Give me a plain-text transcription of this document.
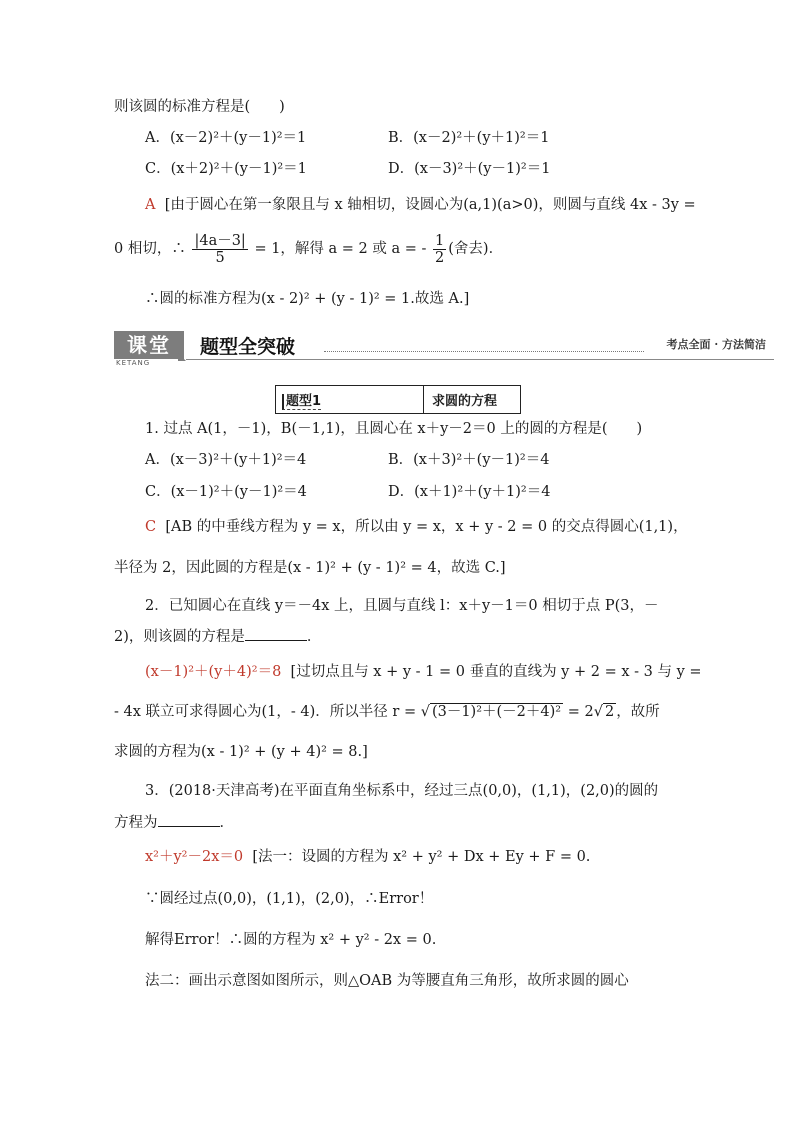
则该圆的标准方程是(　　)
A．(x－2)²＋(y－1)²＝1	B．(x－2)²＋(y＋1)²＝1
C．(x＋2)²＋(y－1)²＝1	D．(x－3)²＋(y－1)²＝1
A [由于圆心在第一象限且与 x 轴相切，设圆心为(a,1)(a>0)，则圆与直线 4x - 3y =
0 相切，∴ $\frac{|4a-3|}{5} = 1$，解得 a = 2 或 a = - $\frac{1}{2}$ (舍去)．
∴圆的标准方程为(x - 2)² + (y - 1)² = 1.故选 A.]
课堂
KETANG
题型全突破	考点全面 · 方法简洁
题型1	求圆的方程
1. 过点 A(1，－1)，B(－1,1)，且圆心在 x＋y－2＝0 上的圆的方程是(　　)
A．(x－3)²＋(y＋1)²＝4	B．(x＋3)²＋(y－1)²＝4
C．(x－1)²＋(y－1)²＝4	D．(x＋1)²＋(y＋1)²＝4
C [AB 的中垂线方程为 y = x，所以由 y = x，x + y - 2 = 0 的交点得圆心(1,1)，
半径为 2，因此圆的方程是(x - 1)² + (y - 1)² = 4，故选 C.]
2．已知圆心在直线 y＝－4x 上，且圆与直线 l：x＋y－1＝0 相切于点 P(3，－
2)，则该圆的方程是	．
(x－1)²＋(y＋4)²＝8 [过切点且与 x + y - 1 = 0 垂直的直线为 y + 2 = x - 3 与 y =
- 4x 联立可求得圆心为(1，- 4)．所以半径 r = √ (3－1)²＋(－2＋4)² = 2√ 2 ，故所
求圆的方程为(x - 1)² + (y + 4)² = 8.]
3．(2018·天津高考)在平面直角坐标系中，经过三点(0,0)，(1,1)，(2,0)的圆的
方程为	．
x²＋y²－2x＝0 [法一：设圆的方程为 x² + y² + Dx + Ey + F = 0.
∵圆经过点(0,0)，(1,1)，(2,0)，∴Error！
解得Error！∴圆的方程为 x² + y² - 2x = 0.
法二：画出示意图如图所示，则△OAB 为等腰直角三角形，故所求圆的圆心
